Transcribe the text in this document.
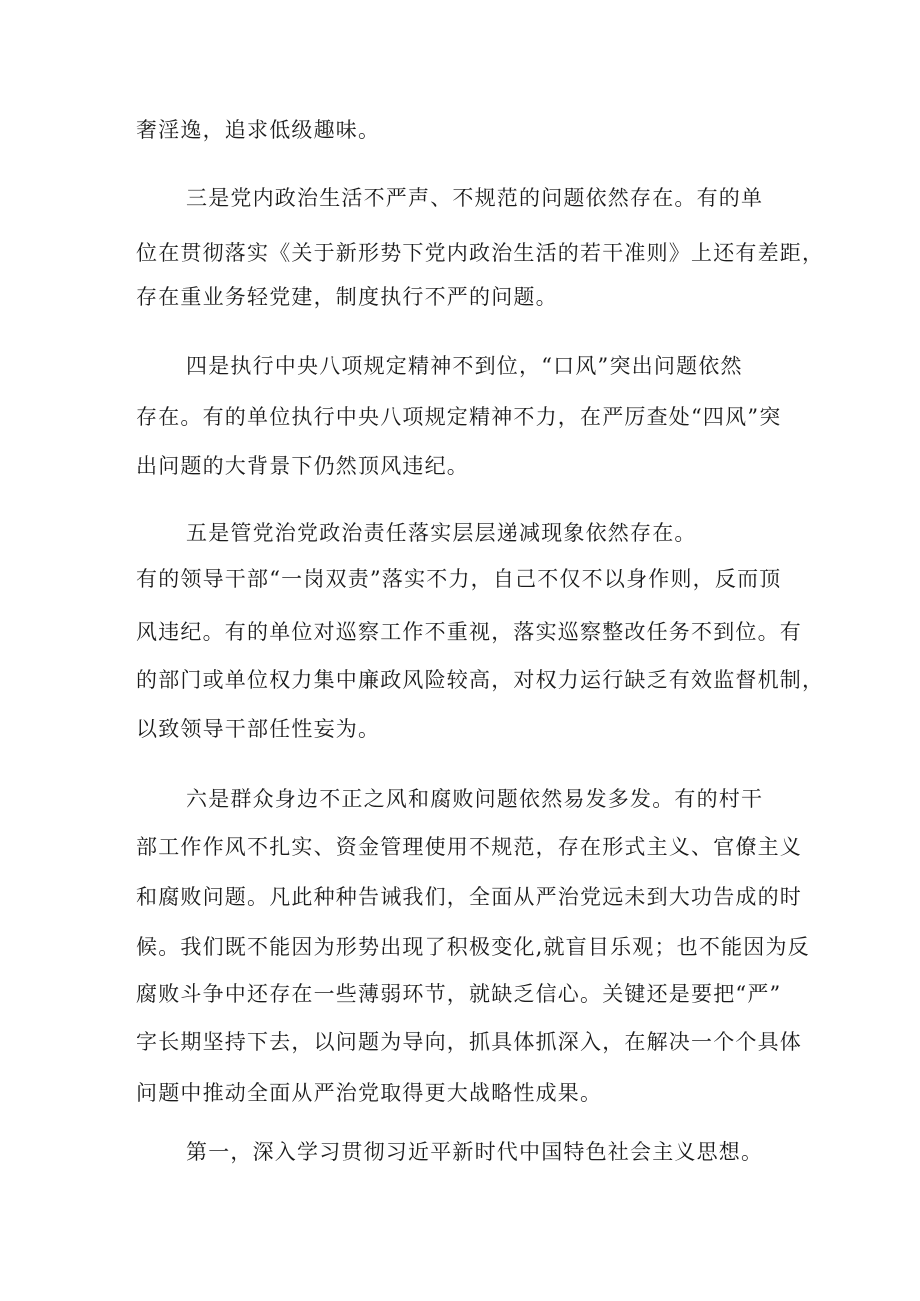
奢淫逸，追求低级趣味。
三是党内政治生活不严声、不规范的问题依然存在。有的单
位在贯彻落实《关于新形势下党内政治生活的若干准则》上还有差距，
存在重业务轻党建，制度执行不严的问题。
四是执行中央八项规定精神不到位，“口风”突出问题依然
存在。有的单位执行中央八项规定精神不力，在严厉查处“四风”突
出问题的大背景下仍然顶风违纪。
五是管党治党政治责任落实层层递减现象依然存在。
有的领导干部“一岗双责”落实不力，自己不仅不以身作则，反而顶
风违纪。有的单位对巡察工作不重视，落实巡察整改任务不到位。有
的部门或单位权力集中廉政风险较高，对权力运行缺乏有效监督机制，
以致领导干部任性妄为。
六是群众身边不正之风和腐败问题依然易发多发。有的村干
部工作作风不扎实、资金管理使用不规范，存在形式主义、官僚主义
和腐败问题。凡此种种告诫我们，全面从严治党远未到大功告成的时
候。我们既不能因为形势出现了积极变化,就盲目乐观；也不能因为反
腐败斗争中还存在一些薄弱环节，就缺乏信心。关键还是要把“严”
字长期坚持下去，以问题为导向，抓具体抓深入，在解决一个个具体
问题中推动全面从严治党取得更大战略性成果。
第一，深入学习贯彻习近平新时代中国特色社会主义思想。
